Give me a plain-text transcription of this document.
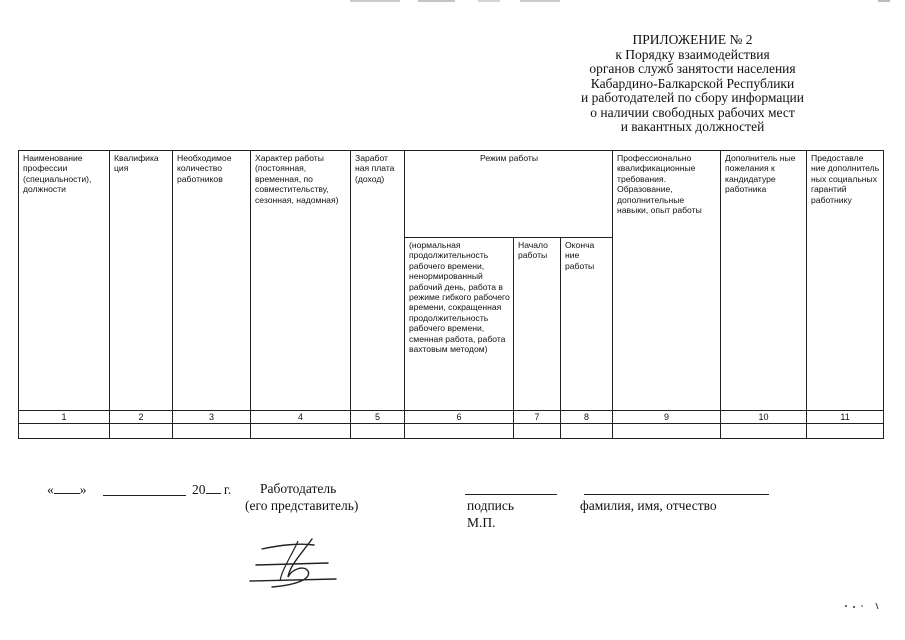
ПРИЛОЖЕНИЕ № 2
к Порядку взаимодействия
органов служб занятости населения
Кабардино-Балкарской Республики
и работодателей по сбору информации
о наличии свободных рабочих мест
и вакантных должностей
Наименование профессии (специальности), должности	Квалифика ция	Необходимое количество работников	Характер работы (постоянная, временная, по совместительству, сезонная, надомная)	Заработ ная плата (доход)	Режим работы			Профессионально квалификационные требования. Образование, дополнительные навыки, опыт работы	Дополнитель ные пожелания к кандидатуре работника	Предоставле ние дополнитель ных социальных гарантий работнику
					(нормальная продолжительность рабочего времени, ненормированный рабочий день, работа в режиме гибкого рабочего времени, сокращенная продолжительность рабочего времени, сменная работа, работа вахтовым методом)	Начало работы	Оконча ние работы			
1	2	3	4	5	6	7	8	9	10	11

« »	20 г. Работодатель
(его представитель)	подпись
М.П.
фамилия, имя, отчество
